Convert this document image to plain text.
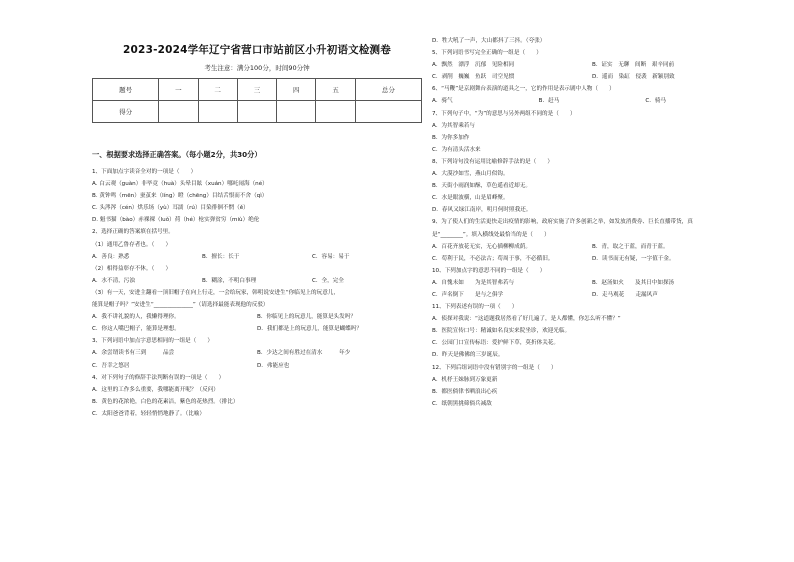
2023-2024学年辽宁省营口市站前区小升初语文检测卷
考生注意：满分100分，时间90分钟
题号	一	二	三	四	五	总分
得分						
一、根据要求选择正确答案。（每小题2分，共30分）
1、下面加点字读音全对的一项是（　　）
A. 白云观（guàn）非毕竟（huà）头晕目眩（xuán）哪吒闹海（né）
B. 黄钟鸣（mēn）蚕茧来（líng）瞪（chēng）目结舌恨而不舍（qì）
C. 头涔涔（cén）烘乐场（yù）耳濡（rú）目染徘徊不惘（ě）
D. 魁书猫（bào）赤裸裸（luǒ）荷（hé）枪实弹贫穷（miù）绝伦
2、选择正确的答案填在括号里。
（1）通用乙鲁存者也。（　　）
A．善良：熟悉	B．擅长：长于	C．容易：易于
（2）相得益彰存不休。（　　）
A．水不清，污浊	B．糊涂，不明白事理	C．全，完全
（3）有一天，安进主翻看一顶旧帽子在向上行走，一会给玩家，韩明说安进生“你临见上的玩意儿，
能算是帽子吗？”安进生“______________”（请选择最能表现他的反驳）
A．我不讲礼貌的人，我懒得理你。	B．你临见上的玩意儿，能算是头发吗？
C．你这人嘴巴帽子，能算是理想。	D．我们都是上的玩意儿，能算是蝴蝶吗？
3、下列词语中加点字意思相同的一组是（　　）
A．余尝谓读书有三到　　　品尝	B．少达之间有胜过在清水　　　年少
C．吾幸之悠居	D．弗能应也
4、对下列句子的修辞手法判断有误的一项是（　　）
A．这里的工作多么重要，我哪能离开呢？（反问）
B．黄色的花浓艳，白色的花素洁，紫色的花热烈。（排比）
C．太阳爸爸背着，轻轻悄悄地静了。（比喻）
D．牲大吼了一声，大山都抖了三抖。（夸张）
5、下列词语书写完全正确的一组是（　　）
A．飘然　漂浮　沉郁　见险相同	B．证实　无聊　间断　艰辛同前
C．剥削　巍巍　鱼跃　司空见惯	D．遥而　染缸　侵袭　新颖别致
6、“马鞭”是京剧舞台表演的道具之一，它的作用是表示剧中人物（　　）
A．骑气	B．赶马	C．骑马
7、下列句子中，“为”的意思与另外两组不同的是（　　）
A．为其智乘若与
B．为你多加作
C．为有清头活水来
8、下列诗句没有运用比喻修辞手法的是（　　）
A．大漠沙如雪，燕山月似钩。
B．天街小雨润如酥，草色遥看近却无。
C．水是眼波横，山是眉峰聚。
D．春风又绿江南岸，明月何时照我还。
9、为了使人们的生活更快走出疫情的影响，政府实施了许多创新之举，如发放消费券、巨长直播带货，真
是“________”。填入横线处最恰当的是（　　）
A．百花齐放花无实，无心插柳柳成荫。	B．青，取之于蓝，而青于蓝。
C．苟利于民，不必法古；苟周于事，不必循旧。	D．读书而无有疑，一字值千金。
10、下列加点字的意思不同的一组是（　　）
A．自愧未如　　为是其智弗若与	B．赵汤如火　　及其日中如探汤
C．声名倒下　　是与之俱学	D．走马观花　　走漏风声
11、下列表述有误的一项（　　）
A．侦探对我说：“这道题我居然看了好几遍了，是人都懂，你怎么听不懂？”
B．医院宣传口号：精诚如名良实来院坐诊，欢迎光临。
C．公园门口宣传标语：爱护鲜下草，莫折体关花。
D．昨天是佛佛的三岁诞辰。
12、下列后组词语中没有错别字的一组是（　　）
A．机杼王妹脉到万象更新
B．都医倘律书晒浪出心疾
C．纸朝黑挑筛倘兵减敌
